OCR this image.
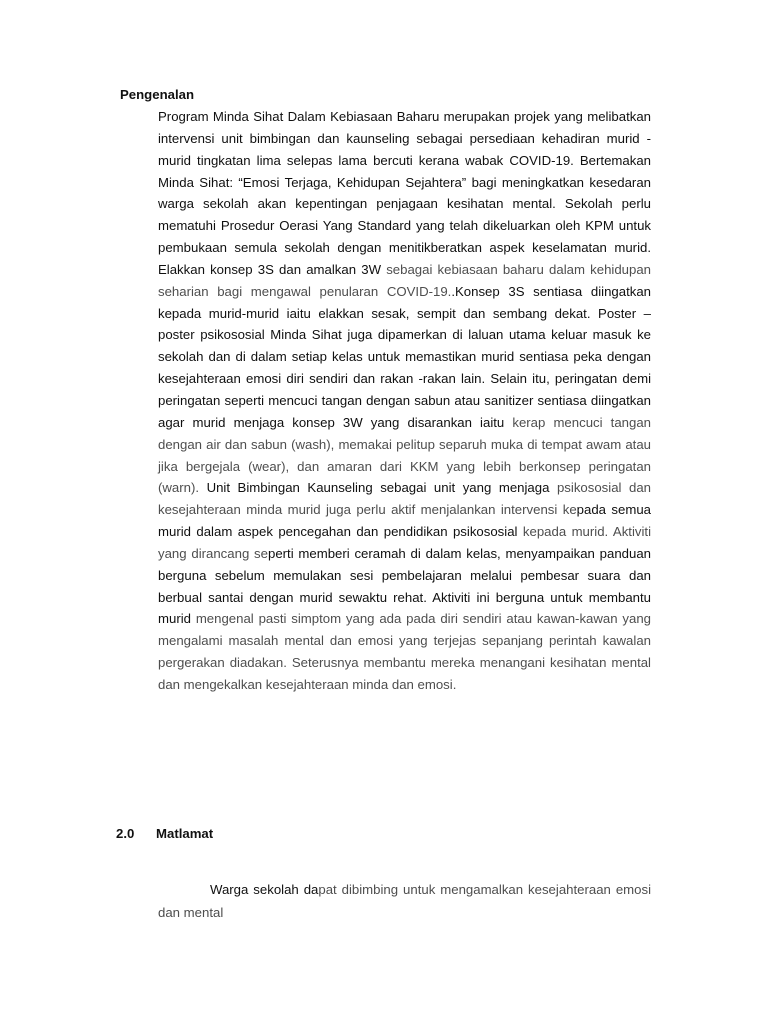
Pengenalan

Program Minda Sihat Dalam Kebiasaan Baharu merupakan projek yang melibatkan intervensi unit bimbingan dan kaunseling sebagai persediaan kehadiran murid -murid tingkatan lima selepas lama bercuti kerana wabak COVID-19. Bertemakan Minda Sihat: “Emosi Terjaga, Kehidupan Sejahtera” bagi meningkatkan kesedaran warga sekolah akan kepentingan penjagaan kesihatan mental. Sekolah perlu mematuhi Prosedur Oerasi Yang Standard yang telah dikeluarkan oleh KPM untuk pembukaan semula sekolah dengan menitikberatkan aspek keselamatan murid. Elakkan konsep 3S dan amalkan 3W sebagai kebiasaan baharu dalam kehidupan seharian bagi mengawal penularan COVID-19..Konsep 3S sentiasa diingatkan kepada murid-murid iaitu elakkan sesak, sempit dan sembang dekat. Poster – poster psikososial Minda Sihat juga dipamerkan di laluan utama keluar masuk ke sekolah dan di dalam setiap kelas untuk memastikan murid sentiasa peka dengan kesejahteraan emosi diri sendiri dan rakan -rakan lain. Selain itu, peringatan demi peringatan seperti mencuci tangan dengan sabun atau sanitizer sentiasa diingatkan agar murid menjaga konsep 3W yang disarankan iaitu kerap mencuci tangan dengan air dan sabun (wash), memakai pelitup separuh muka di tempat awam atau jika bergejala (wear), dan amaran dari KKM yang lebih berkonsep peringatan (warn). Unit Bimbingan Kaunseling sebagai unit yang menjaga psikososial dan kesejahteraan minda murid juga perlu aktif menjalankan intervensi kepada semua murid dalam aspek pencegahan dan pendidikan psikososial kepada murid. Aktiviti yang dirancang seperti memberi ceramah di dalam kelas, menyampaikan panduan berguna sebelum memulakan sesi pembelajaran melalui pembesar suara dan berbual santai dengan murid sewaktu rehat. Aktiviti ini berguna untuk membantu murid mengenal pasti simptom yang ada pada diri sendiri atau kawan-kawan yang mengalami masalah mental dan emosi yang terjejas sepanjang perintah kawalan pergerakan diadakan. Seterusnya membantu mereka menangani kesihatan mental dan mengekalkan kesejahteraan minda dan emosi.

2.0 Matlamat

Warga sekolah dapat dibimbing untuk mengamalkan kesejahteraan emosi dan mental
